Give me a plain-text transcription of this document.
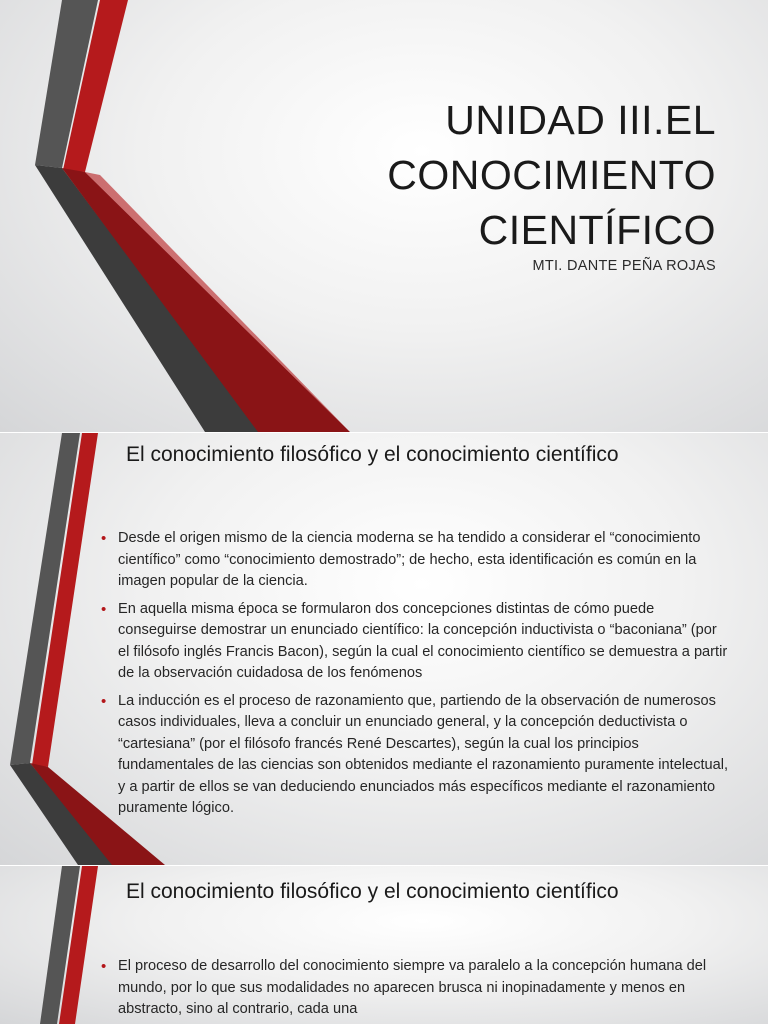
UNIDAD III.EL
CONOCIMIENTO
CIENTÍFICO
MTI. DANTE PEÑA ROJAS
El conocimiento filosófico y el conocimiento científico
• Desde el origen mismo de la ciencia moderna se ha tendido a considerar el “conocimiento científico” como “conocimiento demostrado”; de hecho, esta identificación es común en la imagen popular de la ciencia.
• En aquella misma época se formularon dos concepciones distintas de cómo puede conseguirse demostrar un enunciado científico: la concepción inductivista o “baconiana” (por el filósofo inglés Francis Bacon), según la cual el conocimiento científico se demuestra a partir de la observación cuidadosa de los fenómenos
• La inducción es el proceso de razonamiento que, partiendo de la observación de numerosos casos individuales, lleva a concluir un enunciado general, y la concepción deductivista o “cartesiana” (por el filósofo francés René Descartes), según la cual los principios fundamentales de las ciencias son obtenidos mediante el razonamiento puramente intelectual, y a partir de ellos se van deduciendo enunciados más específicos mediante el razonamiento puramente lógico.
El conocimiento filosófico y el conocimiento científico
• El proceso de desarrollo del conocimiento siempre va paralelo a la concepción humana del mundo, por lo que sus modalidades no aparecen brusca ni inopinadamente y menos en abstracto, sino al contrario, cada una
